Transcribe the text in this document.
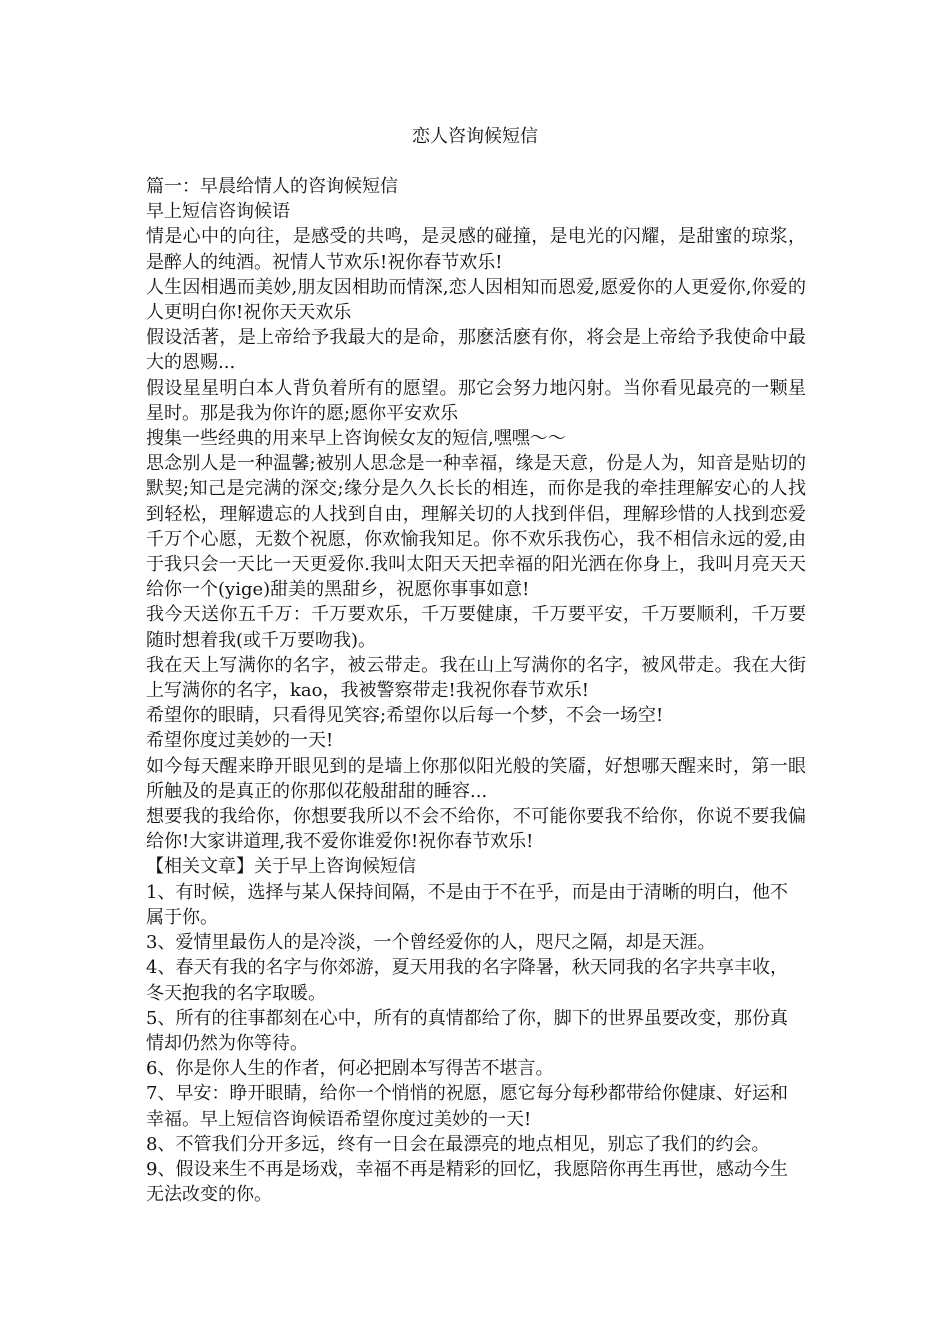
恋人咨询候短信

篇一：早晨给情人的咨询候短信

早上短信咨询候语

情是心中的向往，是感受的共鸣，是灵感的碰撞，是电光的闪耀，是甜蜜的琼浆，是醉人的纯酒。祝情人节欢乐!祝你春节欢乐!

人生因相遇而美妙,朋友因相助而情深,恋人因相知而恩爱,愿爱你的人更爱你,你爱的人更明白你!祝你天天欢乐

假设活著，是上帝给予我最大的是命，那麽活麽有你，将会是上帝给予我使命中最大的恩赐...

假设星星明白本人背负着所有的愿望。那它会努力地闪射。当你看见最亮的一颗星星时。那是我为你许的愿;愿你平安欢乐

搜集一些经典的用来早上咨询候女友的短信,嘿嘿～～

思念别人是一种温馨;被别人思念是一种幸福，缘是天意，份是人为，知音是贴切的默契;知己是完满的深交;缘分是久久长长的相连，而你是我的牵挂理解安心的人找到轻松，理解遗忘的人找到自由，理解关切的人找到伴侣，理解珍惜的人找到恋爱千万个心愿，无数个祝愿，你欢愉我知足。你不欢乐我伤心，我不相信永远的爱,由于我只会一天比一天更爱你.我叫太阳天天把幸福的阳光洒在你身上，我叫月亮天天给你一个(yige)甜美的黑甜乡，祝愿你事事如意!

我今天送你五千万：千万要欢乐，千万要健康，千万要平安，千万要顺利，千万要随时想着我(或千万要吻我)。

我在天上写满你的名字，被云带走。我在山上写满你的名字，被风带走。我在大街上写满你的名字，kao，我被警察带走!我祝你春节欢乐!

希望你的眼睛，只看得见笑容;希望你以后每一个梦，不会一场空!

希望你度过美妙的一天!

如今每天醒来睁开眼见到的是墙上你那似阳光般的笑靥，好想哪天醒来时，第一眼所触及的是真正的你那似花般甜甜的睡容...

想要我的我给你，你想要我所以不会不给你，不可能你要我不给你，你说不要我偏给你!大家讲道理,我不爱你谁爱你!祝你春节欢乐!

【相关文章】关于早上咨询候短信

1、有时候，选择与某人保持间隔，不是由于不在乎，而是由于清晰的明白，他不属于你。

3、爱情里最伤人的是冷淡，一个曾经爱你的人，咫尺之隔，却是天涯。

4、春天有我的名字与你郊游，夏天用我的名字降暑，秋天同我的名字共享丰收，冬天抱我的名字取暖。

5、所有的往事都刻在心中，所有的真情都给了你，脚下的世界虽要改变，那份真情却仍然为你等待。

6、你是你人生的作者，何必把剧本写得苦不堪言。

7、早安：睁开眼睛，给你一个悄悄的祝愿，愿它每分每秒都带给你健康、好运和幸福。早上短信咨询候语希望你度过美妙的一天!

8、不管我们分开多远，终有一日会在最漂亮的地点相见，别忘了我们的约会。

9、假设来生不再是场戏，幸福不再是精彩的回忆，我愿陪你再生再世，感动今生无法改变的你。
